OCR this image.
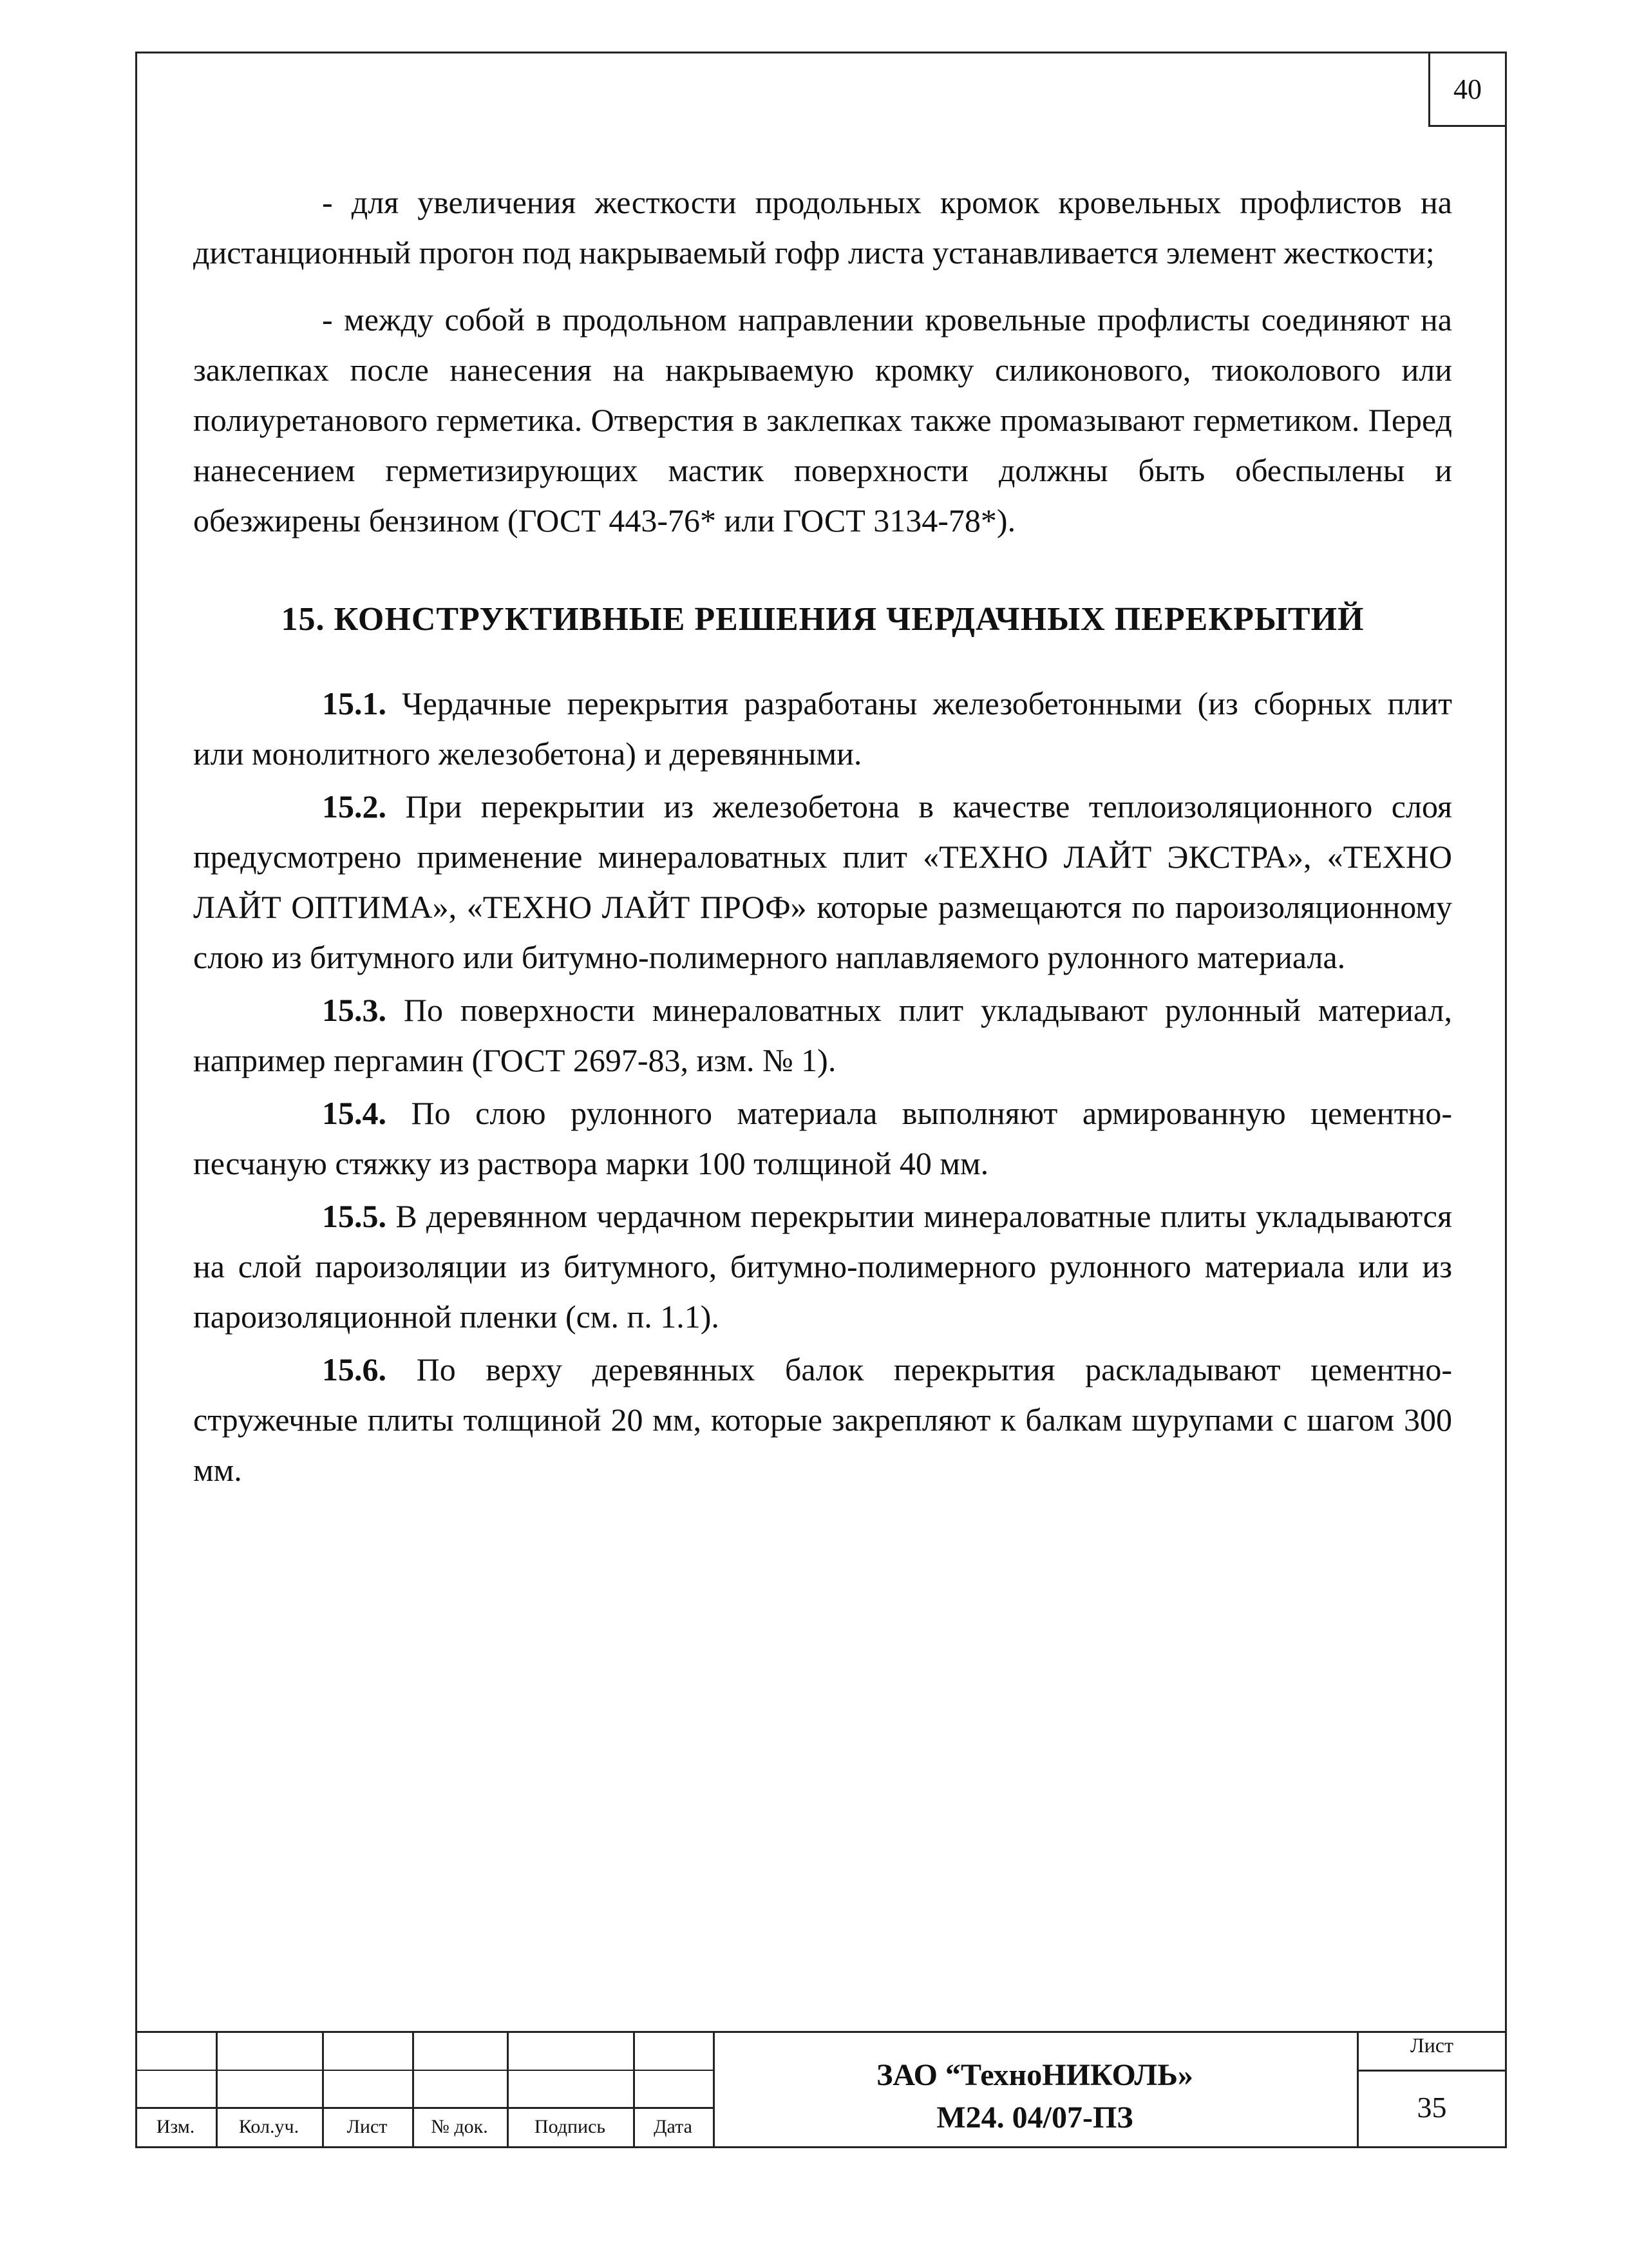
40

- для увеличения жесткости продольных кромок кровельных профлистов на дистанционный прогон под накрываемый гофр листа устанавливается элемент жесткости;

- между собой в продольном направлении кровельные профлисты соединяют на заклепках после нанесения на накрываемую кромку силиконового, тиоколового или полиуретанового герметика. Отверстия в заклепках также промазывают герметиком. Перед нанесением герметизирующих мастик поверхности должны быть обеспылены и обезжирены бензином (ГОСТ 443-76* или ГОСТ 3134-78*).

15. КОНСТРУКТИВНЫЕ РЕШЕНИЯ ЧЕРДАЧНЫХ ПЕРЕКРЫТИЙ

15.1. Чердачные перекрытия разработаны железобетонными (из сборных плит или монолитного железобетона) и деревянными.

15.2. При перекрытии из железобетона в качестве теплоизоляционного слоя предусмотрено применение минераловатных плит «ТЕХНО ЛАЙТ ЭКСТРА», «ТЕХНО ЛАЙТ ОПТИМА», «ТЕХНО ЛАЙТ ПРОФ» которые размещаются по пароизоляционному слою из битумного или битумно-полимерного наплавляемого рулонного материала.

15.3. По поверхности минераловатных плит укладывают рулонный материал, например пергамин (ГОСТ 2697-83, изм. № 1).

15.4. По слою рулонного материала выполняют армированную цементно-песчаную стяжку из раствора марки 100 толщиной 40 мм.

15.5. В деревянном чердачном перекрытии минераловатные плиты укладываются на слой пароизоляции из битумного, битумно-полимерного рулонного материала или из пароизоляционной пленки (см. п. 1.1).

15.6. По верху деревянных балок перекрытия раскладывают цементно-стружечные плиты толщиной 20 мм, которые закрепляют к балкам шурупами с шагом 300 мм.

Изм.	Кол.уч.	Лист	№ док.	Подпись	Дата
ЗАО “ТехноНИКОЛЬ»
М24. 04/07-ПЗ
Лист
35
